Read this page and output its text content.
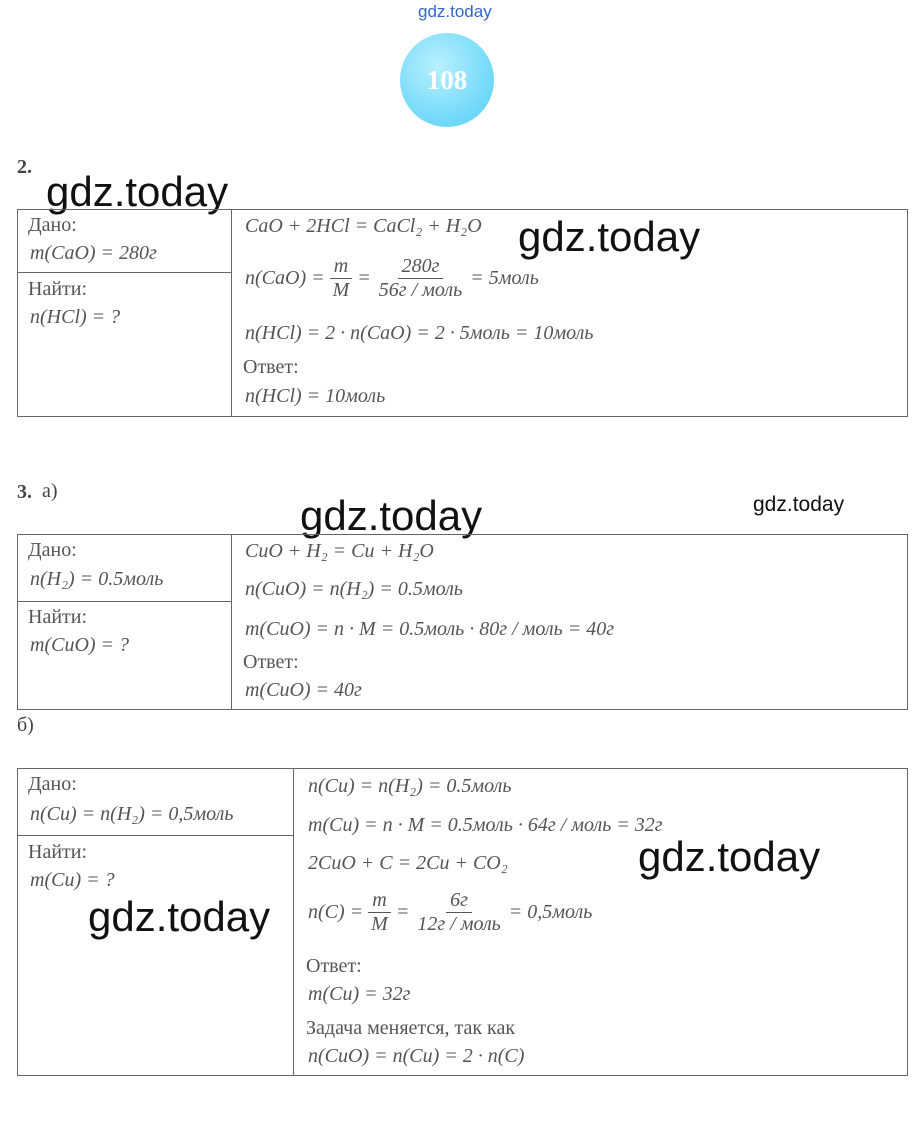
gdz.today
108
2.
gdz.today
Дано:
m(CaO) = 280г
Найти:
n(HCl) = ?
CaO + 2HCl = CaCl₂ + H₂O
$n(CaO) = \frac{m}{M} = \frac{280г}{\text{56г / моль}}$ = 5моль
n(HCl) = 2 · n(CaO) = 2 · 5моль = 10моль
Ответ:
n(HCl) = 10моль
gdz.today
3. а)
gdz.today	gdz.today
Дано:
n(H₂) = 0.5моль
Найти:
m(CuO) = ?
CuO + H₂ = Cu + H₂O
n(CuO) = n(H₂) = 0.5моль
m(CuO) = n · M = 0.5моль · 80г / моль = 40г
Ответ:
m(CuO) = 40г
б)
Дано:
n(Cu) = n(H₂) = 0,5моль
Найти:
m(Cu) = ?
n(Cu) = n(H₂) = 0.5моль
m(Cu) = n · M = 0.5моль · 64г / моль = 32г
2CuO + C = 2Cu + CO₂
$n(C) = \frac{m}{M} = \frac{6г}{\text{12г / моль}}$ = 0,5моль
Ответ:
m(Cu) = 32г
Задача меняется, так как
n(CuO) = n(Cu) = 2 · n(C)
gdz.today
gdz.today
